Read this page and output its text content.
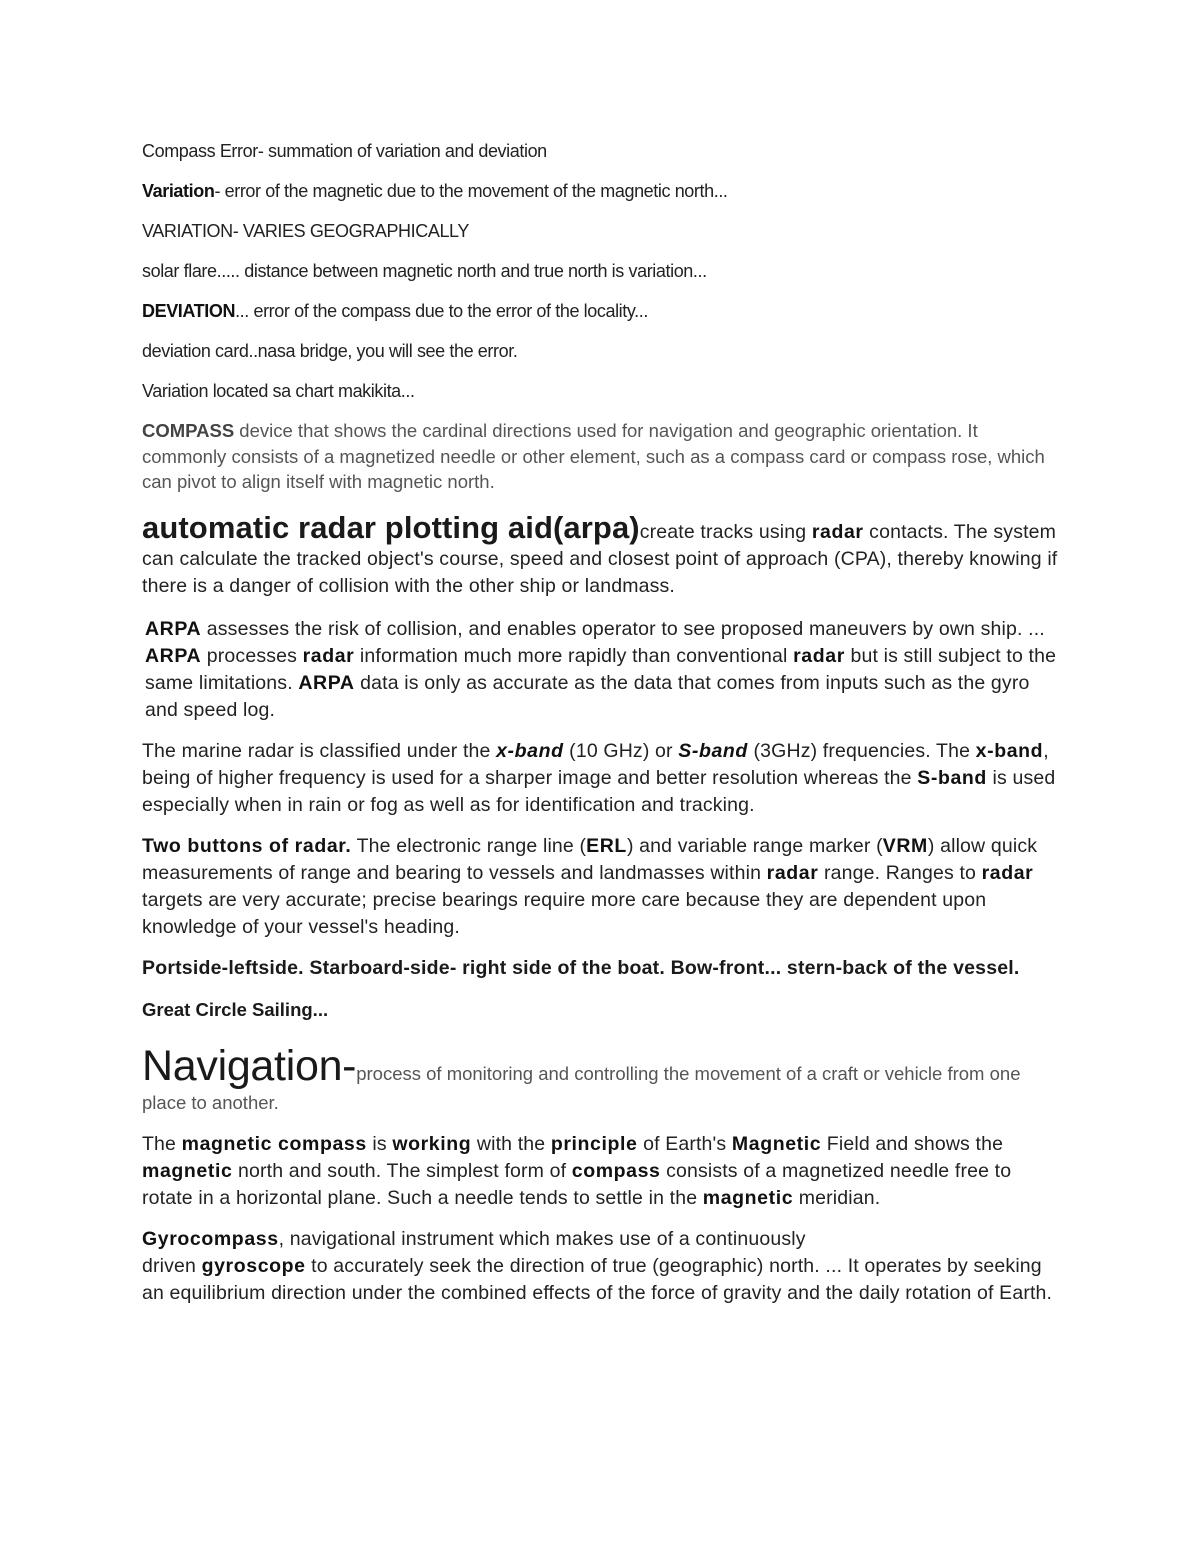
Compass Error- summation of variation and deviation

Variation- error of the magnetic due to the movement of the magnetic north...

VARIATION- VARIES GEOGRAPHICALLY

solar flare..... distance between magnetic north and true north is variation...

DEVIATION... error of the compass due to the error of the locality...

deviation card..nasa bridge, you will see the error.

Variation located sa chart makikita...

COMPASS device that shows the cardinal directions used for navigation and geographic orientation. It commonly consists of a magnetized needle or other element, such as a compass card or compass rose, which can pivot to align itself with magnetic north.

automatic radar plotting aid(arpa)create tracks using radar contacts. The system can calculate the tracked object's course, speed and closest point of approach (CPA), thereby knowing if there is a danger of collision with the other ship or landmass.

ARPA assesses the risk of collision, and enables operator to see proposed maneuvers by own ship. ... ARPA processes radar information much more rapidly than conventional radar but is still subject to the same limitations. ARPA data is only as accurate as the data that comes from inputs such as the gyro and speed log.

The marine radar is classified under the x-band (10 GHz) or S-band (3GHz) frequencies. The x-band, being of higher frequency is used for a sharper image and better resolution whereas the S-band is used especially when in rain or fog as well as for identification and tracking.

Two buttons of radar. The electronic range line (ERL) and variable range marker (VRM) allow quick measurements of range and bearing to vessels and landmasses within radar range. Ranges to radar targets are very accurate; precise bearings require more care because they are dependent upon knowledge of your vessel's heading.

Portside-leftside. Starboard-side- right side of the boat. Bow-front... stern-back of the vessel.

Great Circle Sailing...

Navigation-process of monitoring and controlling the movement of a craft or vehicle from one place to another.

The magnetic compass is working with the principle of Earth's Magnetic Field and shows the magnetic north and south. The simplest form of compass consists of a magnetized needle free to rotate in a horizontal plane. Such a needle tends to settle in the magnetic meridian.

Gyrocompass, navigational instrument which makes use of a continuously
driven gyroscope to accurately seek the direction of true (geographic) north. ... It operates by seeking an equilibrium direction under the combined effects of the force of gravity and the daily rotation of Earth.
